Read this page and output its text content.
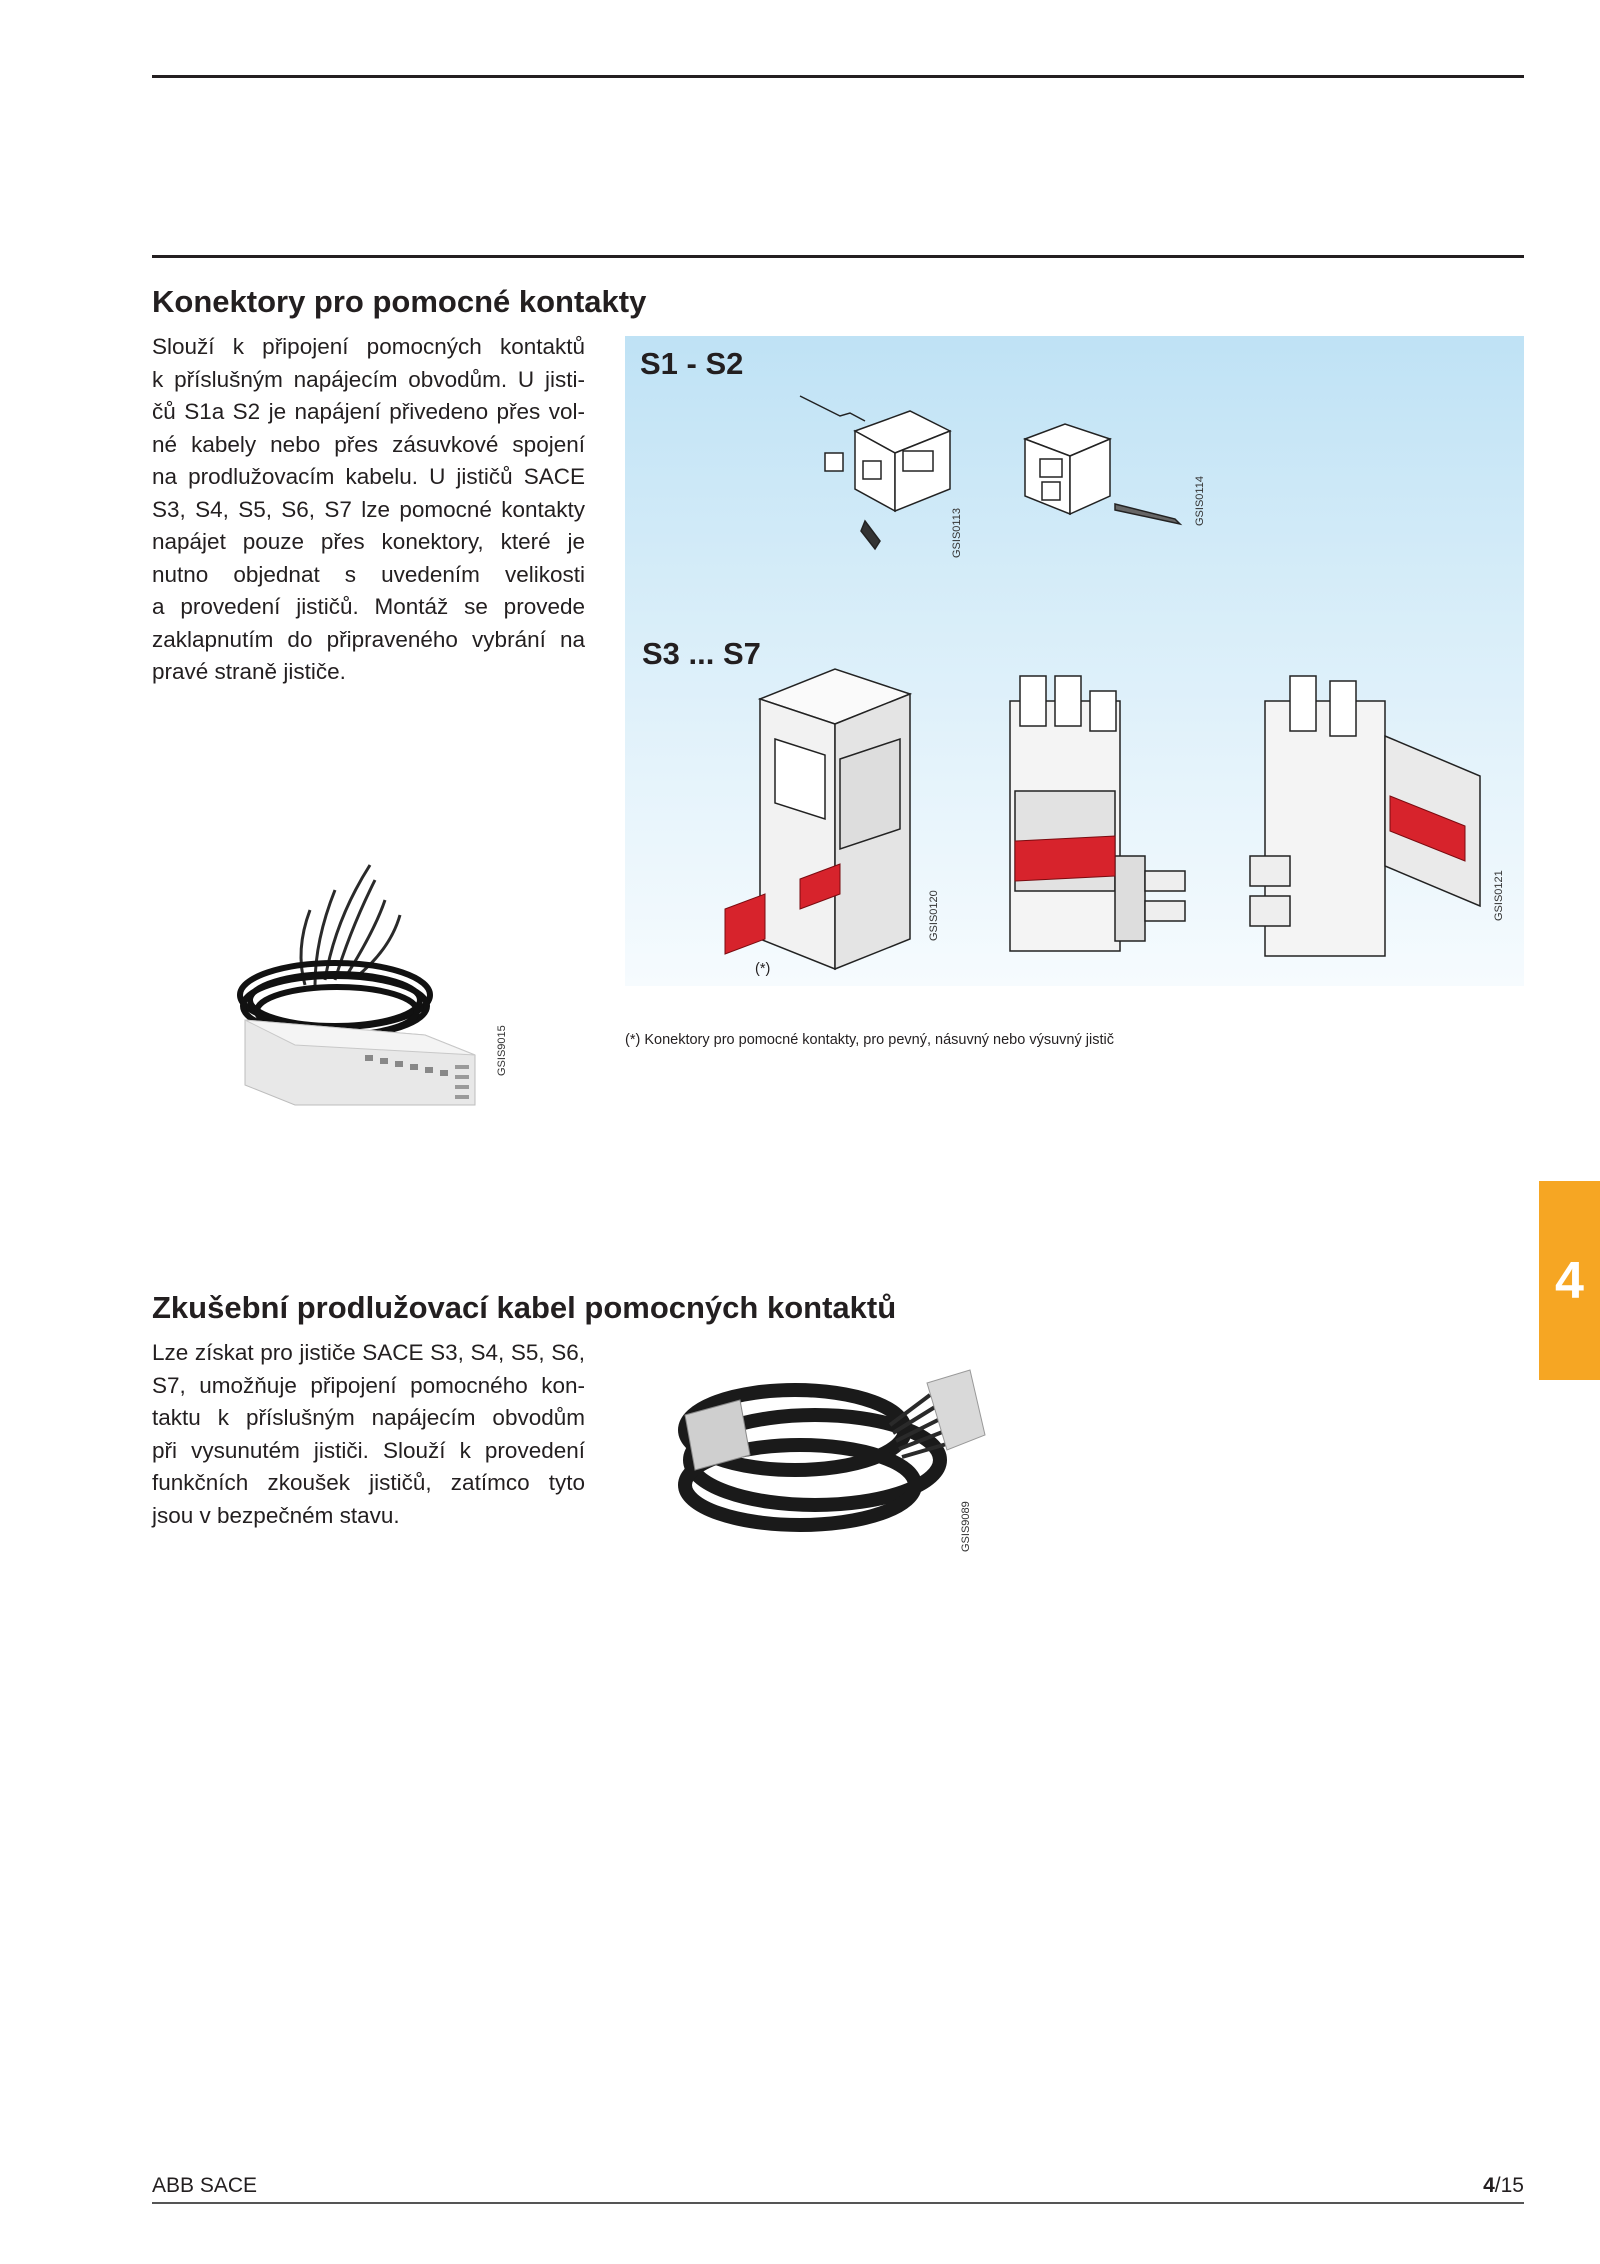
Konektory pro pomocné kontakty
Slouží k připojení pomocných kontaktů
k příslušným napájecím obvodům. U jisti-
čů S1a S2 je napájení přivedeno přes vol-
né kabely nebo přes zásuvkové spojení
na prodlužovacím kabelu. U jističů SACE
S3, S4, S5, S6, S7 lze pomocné kontakty
napájet pouze přes konektory, které je
nutno objednat s uvedením velikosti
a provedení jističů. Montáž se provede
zaklapnutím do připraveného vybrání na
pravé straně jističe.
GSIS9015
S1 - S2
S3 ... S7
GSIS0113
GSIS0114
GSIS0120
(*)
GSIS0121
(*) Konektory pro pomocné kontakty, pro pevný, násuvný nebo výsuvný jistič
4
Zkušební prodlužovací kabel pomocných kontaktů
Lze získat pro jističe SACE S3, S4, S5, S6,
S7, umožňuje připojení pomocného kon-
taktu k příslušným napájecím obvodům
při vysunutém jističi. Slouží k provedení
funkčních zkoušek jističů, zatímco tyto
jsou v bezpečném stavu.	GSIS9089
ABB SACE	4/15
